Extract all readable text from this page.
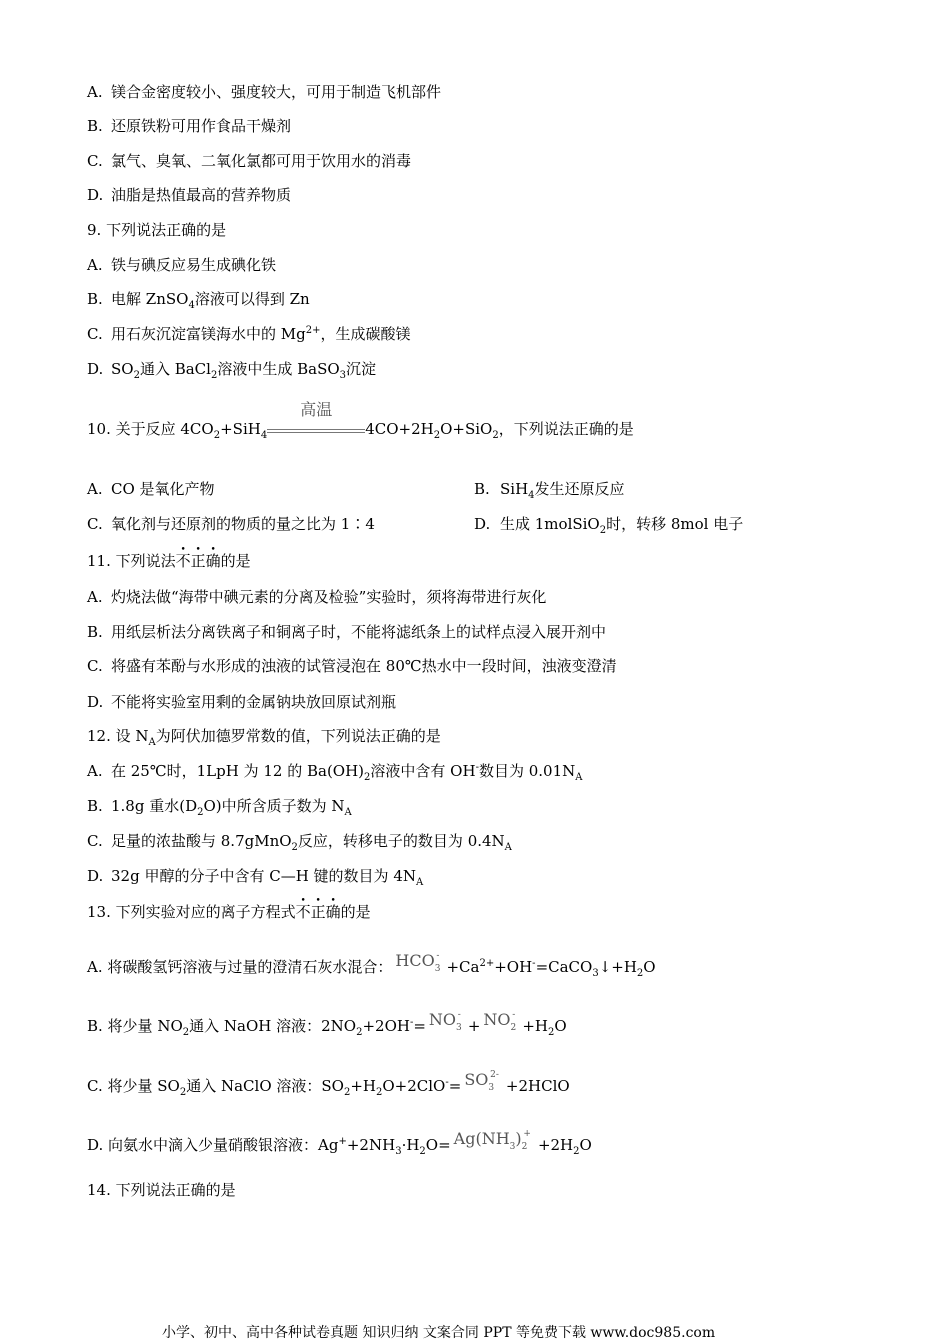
A. 镁合金密度较小、强度较大，可用于制造飞机部件
B. 还原铁粉可用作食品干燥剂
C. 氯气、臭氧、二氧化氯都可用于饮用水的消毒
D. 油脂是热值最高的营养物质
9. 下列说法正确的是
A. 铁与碘反应易生成碘化铁
B. 电解 ZnSO$_4$溶液可以得到 Zn
C. 用石灰沉淀富镁海水中的 $Mg^{2+}$，生成碳酸镁
D. $SO_2$通入 BaCl$_2$溶液中生成 BaSO$_3$沉淀
10. 关于反应 $4CO_2+SiH_4$
高温
$4CO+2H_2O+SiO_2$，下列说法正确的是
A. CO 是氧化产物	B. SiH$_4$发生还原反应
C. 氧化剂与还原剂的物质的量之比为 1∶4	D. 生成 1molSiO$_2$时，转移 8mol 电子
11. 下列说法不正确的是
A. 灼烧法做“海带中碘元素的分离及检验”实验时，须将海带进行灰化
B. 用纸层析法分离铁离子和铜离子时，不能将滤纸条上的试样点浸入展开剂中
C. 将盛有苯酚与水形成的浊液的试管浸泡在 80℃热水中一段时间，浊液变澄清
D. 不能将实验室用剩的金属钠块放回原试剂瓶
12. 设 $N_A$为阿伏加德罗常数的值，下列说法正确的是
A. 在 25℃时，1LpH 为 12 的 $Ba(OH)_2$溶液中含有 OH-数目为 $0.01N_A$
B. 1.8g 重水$(D_2O)$中所含质子数为 $N_A$
C. 足量的浓盐酸与 8.7gMnO$_2$反应，转移电子的数目为 $0.4N_A$
D. 32g 甲醇的分子中含有 C—H 键的数目为 $4N_A$
13. 下列实验对应的离子方程式不正确的是
A. 将碳酸氢钙溶液与过量的澄清石灰水混合： $HCO_3^-+Ca^{2+}+OH^-=CaCO_3↓+H_2O$
B. 将少量 $NO_2$通入 NaOH 溶液：$2NO_2+2OH^-= NO_3^-+ NO_2^-+H_2O$
C. 将少量 $SO_2$通入 NaClO 溶液：$SO_2+H_2O+2ClO^-=$ $SO_3^{2-}+2HClO$
D. 向氨水中滴入少量硝酸银溶液：$Ag^++2NH_3\cdot H_2O= Ag(NH_3)_2^++2H_2O$
14. 下列说法正确的是
小学、初中、高中各种试卷真题 知识归纳 文案合同 PPT 等免费下载 www.doc985.com
